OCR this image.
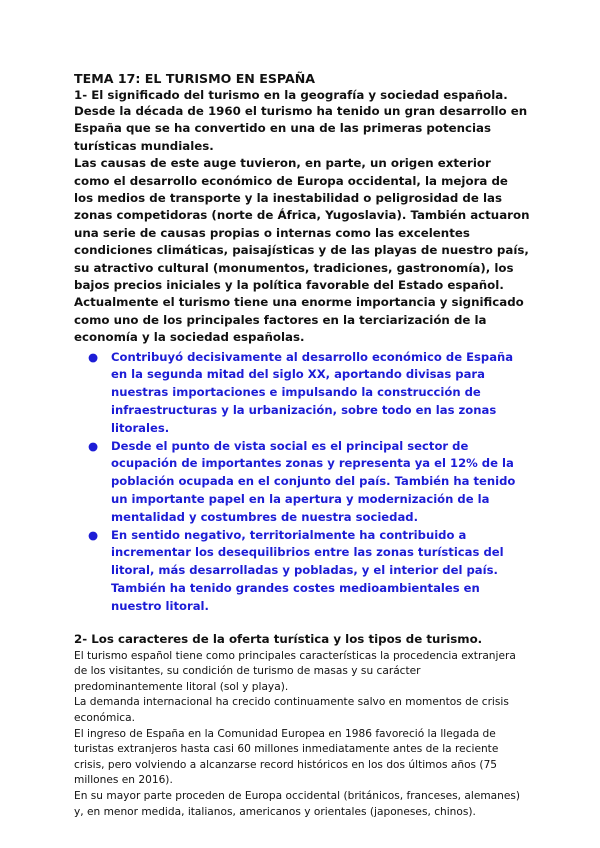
TEMA 17: EL TURISMO EN ESPAÑA
1- El significado del turismo en la geografía y sociedad española.

Desde la década de 1960 el turismo ha tenido un gran desarrollo en España que se ha convertido en una de las primeras potencias turísticas mundiales.

Las causas de este auge tuvieron, en parte, un origen exterior como el desarrollo económico de Europa occidental, la mejora de los medios de transporte y la inestabilidad o peligrosidad de las zonas competidoras (norte de África, Yugoslavia). También actuaron una serie de causas propias o internas como las excelentes condiciones climáticas, paisajísticas y de las playas de nuestro país, su atractivo cultural (monumentos, tradiciones, gastronomía), los bajos precios iniciales y la política favorable del Estado español. Actualmente el turismo tiene una enorme importancia y significado como uno de los principales factores en la terciarización de la economía y la sociedad españolas.

● Contribuyó decisivamente al desarrollo económico de España en la segunda mitad del siglo XX, aportando divisas para nuestras importaciones e impulsando la construcción de infraestructuras y la urbanización, sobre todo en las zonas litorales.
● Desde el punto de vista social es el principal sector de ocupación de importantes zonas y representa ya el 12% de la población ocupada en el conjunto del país. También ha tenido un importante papel en la apertura y modernización de la mentalidad y costumbres de nuestra sociedad.
● En sentido negativo, territorialmente ha contribuido a incrementar los desequilibrios entre las zonas turísticas del litoral, más desarrolladas y pobladas, y el interior del país. También ha tenido grandes costes medioambientales en nuestro litoral.
2- Los caracteres de la oferta turística y los tipos de turismo.

El turismo español tiene como principales características la procedencia extranjera de los visitantes, su condición de turismo de masas y su carácter predominantemente litoral (sol y playa).

La demanda internacional ha crecido continuamente salvo en momentos de crisis económica.

El ingreso de España en la Comunidad Europea en 1986 favoreció la llegada de turistas extranjeros hasta casi 60 millones inmediatamente antes de la reciente crisis, pero volviendo a alcanzarse record históricos en los dos últimos años (75 millones en 2016).

En su mayor parte proceden de Europa occidental (británicos, franceses, alemanes) y, en menor medida, italianos, americanos y orientales (japoneses, chinos).
